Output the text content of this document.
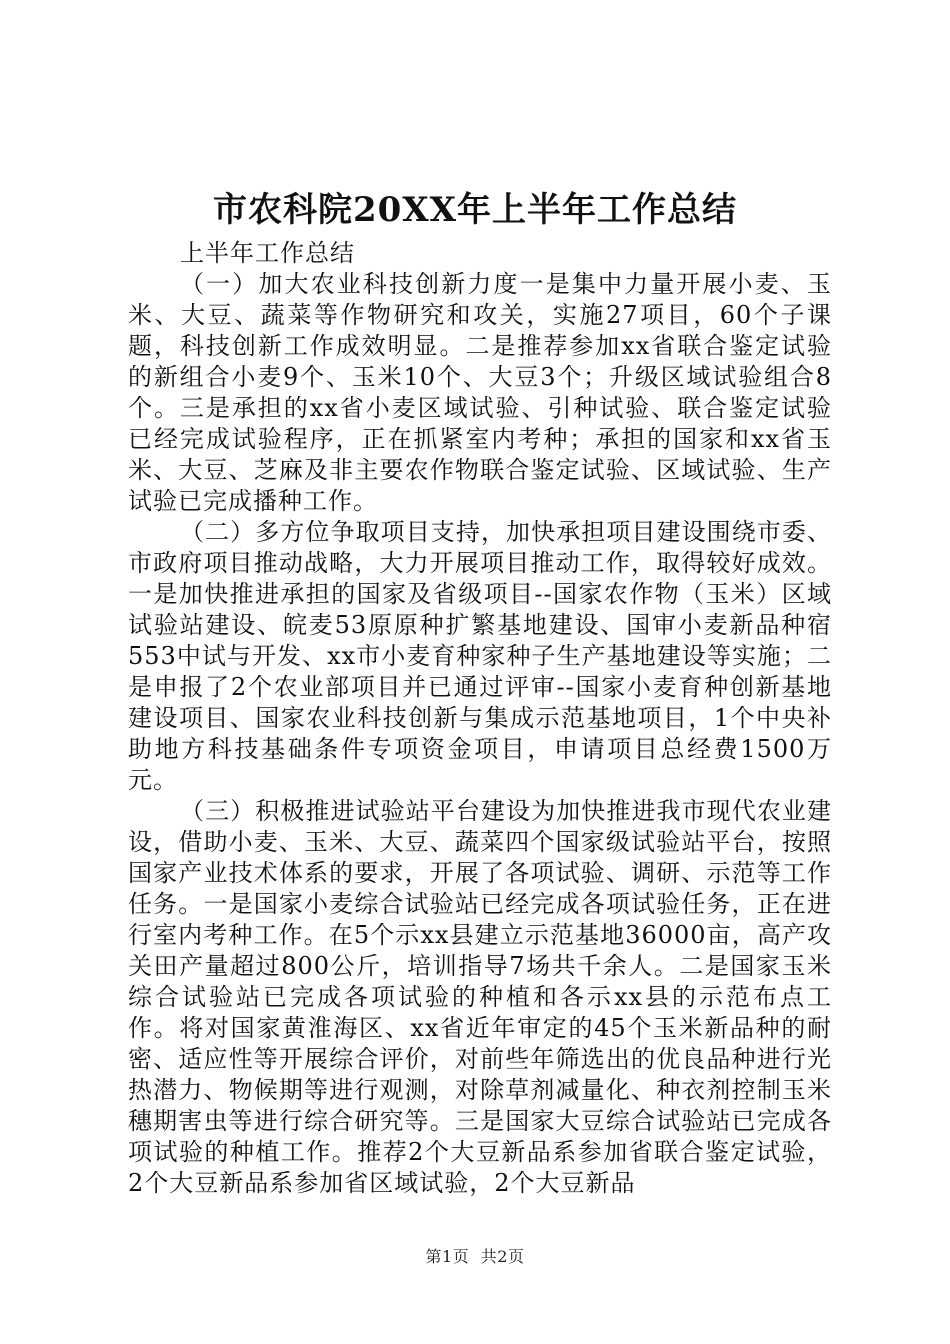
市农科院20XX年上半年工作总结

上半年工作总结

（一）加大农业科技创新力度一是集中力量开展小麦、玉米、大豆、蔬菜等作物研究和攻关，实施27项目，60个子课题，科技创新工作成效明显。二是推荐参加xx省联合鉴定试验的新组合小麦9个、玉米10个、大豆3个；升级区域试验组合8个。三是承担的xx省小麦区域试验、引种试验、联合鉴定试验已经完成试验程序，正在抓紧室内考种；承担的国家和xx省玉米、大豆、芝麻及非主要农作物联合鉴定试验、区域试验、生产试验已完成播种工作。

（二）多方位争取项目支持，加快承担项目建设围绕市委、市政府项目推动战略，大力开展项目推动工作，取得较好成效。一是加快推进承担的国家及省级项目--国家农作物（玉米）区域试验站建设、皖麦53原原种扩繁基地建设、国审小麦新品种宿553中试与开发、xx市小麦育种家种子生产基地建设等实施；二是申报了2个农业部项目并已通过评审--国家小麦育种创新基地建设项目、国家农业科技创新与集成示范基地项目，1个中央补助地方科技基础条件专项资金项目，申请项目总经费1500万元。

（三）积极推进试验站平台建设为加快推进我市现代农业建设，借助小麦、玉米、大豆、蔬菜四个国家级试验站平台，按照国家产业技术体系的要求，开展了各项试验、调研、示范等工作任务。一是国家小麦综合试验站已经完成各项试验任务，正在进行室内考种工作。在5个示xx县建立示范基地36000亩，高产攻关田产量超过800公斤，培训指导7场共千余人。二是国家玉米综合试验站已完成各项试验的种植和各示xx县的示范布点工作。将对国家黄淮海区、xx省近年审定的45个玉米新品种的耐密、适应性等开展综合评价，对前些年筛选出的优良品种进行光热潜力、物候期等进行观测，对除草剂减量化、种衣剂控制玉米穗期害虫等进行综合研究等。三是国家大豆综合试验站已完成各项试验的种植工作。推荐2个大豆新品系参加省联合鉴定试验，2个大豆新品系参加省区域试验，2个大豆新品

第1页 共2页
